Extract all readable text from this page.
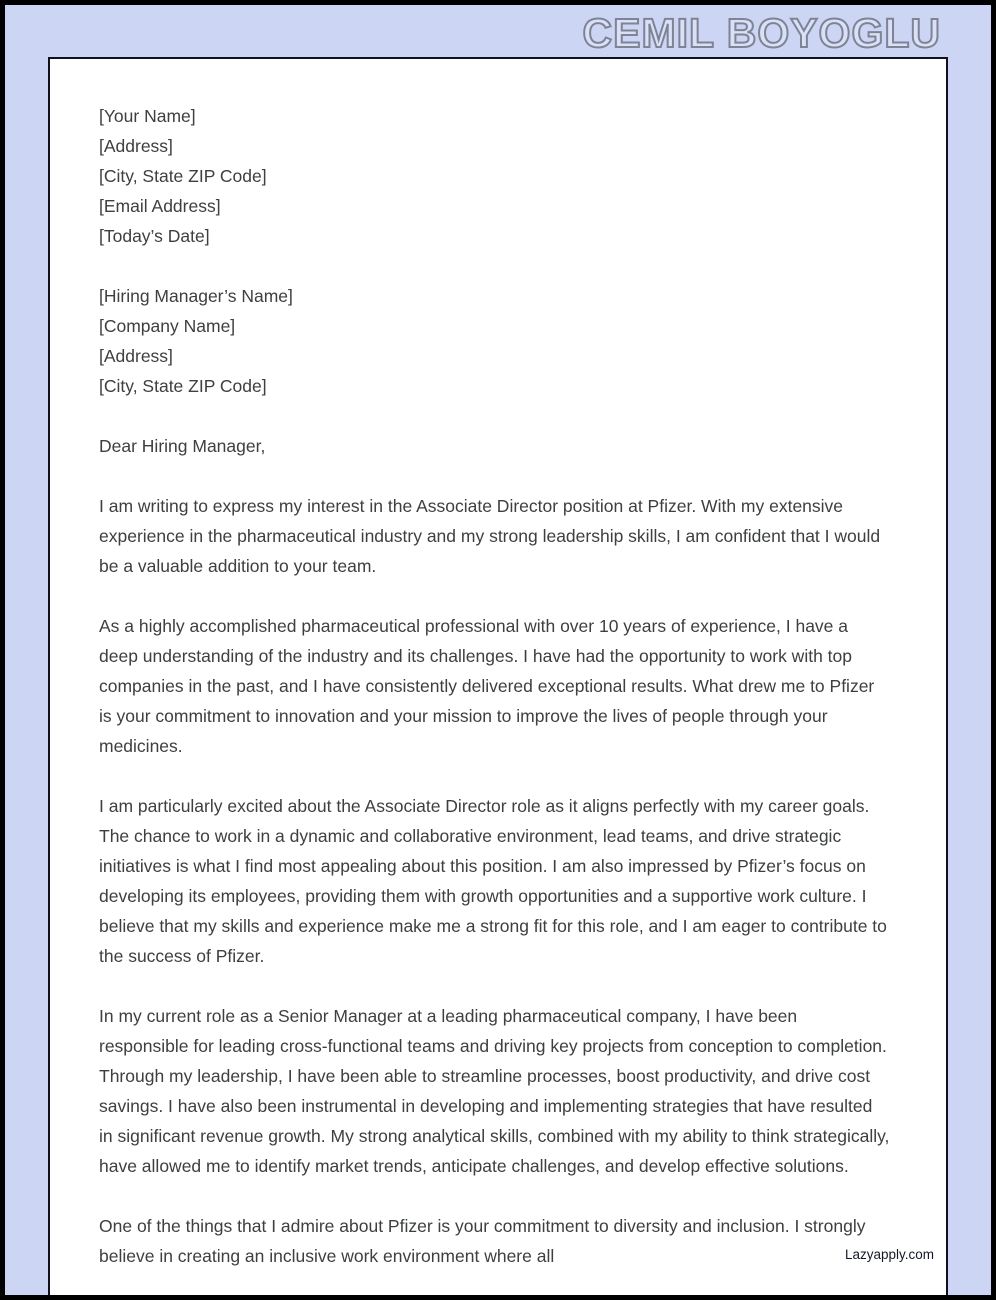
CEMIL BOYOGLU
[Your Name]
[Address]
[City, State ZIP Code]
[Email Address]
[Today’s Date]
[Hiring Manager’s Name]
[Company Name]
[Address]
[City, State ZIP Code]
Dear Hiring Manager,

I am writing to express my interest in the Associate Director position at Pfizer. With my extensive experience in the pharmaceutical industry and my strong leadership skills, I am confident that I would be a valuable addition to your team.

As a highly accomplished pharmaceutical professional with over 10 years of experience, I have a deep understanding of the industry and its challenges. I have had the opportunity to work with top companies in the past, and I have consistently delivered exceptional results. What drew me to Pfizer is your commitment to innovation and your mission to improve the lives of people through your medicines.

I am particularly excited about the Associate Director role as it aligns perfectly with my career goals. The chance to work in a dynamic and collaborative environment, lead teams, and drive strategic initiatives is what I find most appealing about this position. I am also impressed by Pfizer’s focus on developing its employees, providing them with growth opportunities and a supportive work culture. I believe that my skills and experience make me a strong fit for this role, and I am eager to contribute to the success of Pfizer.

In my current role as a Senior Manager at a leading pharmaceutical company, I have been responsible for leading cross-functional teams and driving key projects from conception to completion. Through my leadership, I have been able to streamline processes, boost productivity, and drive cost savings. I have also been instrumental in developing and implementing strategies that have resulted in significant revenue growth. My strong analytical skills, combined with my ability to think strategically, have allowed me to identify market trends, anticipate challenges, and develop effective solutions.

One of the things that I admire about Pfizer is your commitment to diversity and inclusion. I strongly believe in creating an inclusive work environment where all	Lazyapply.com
